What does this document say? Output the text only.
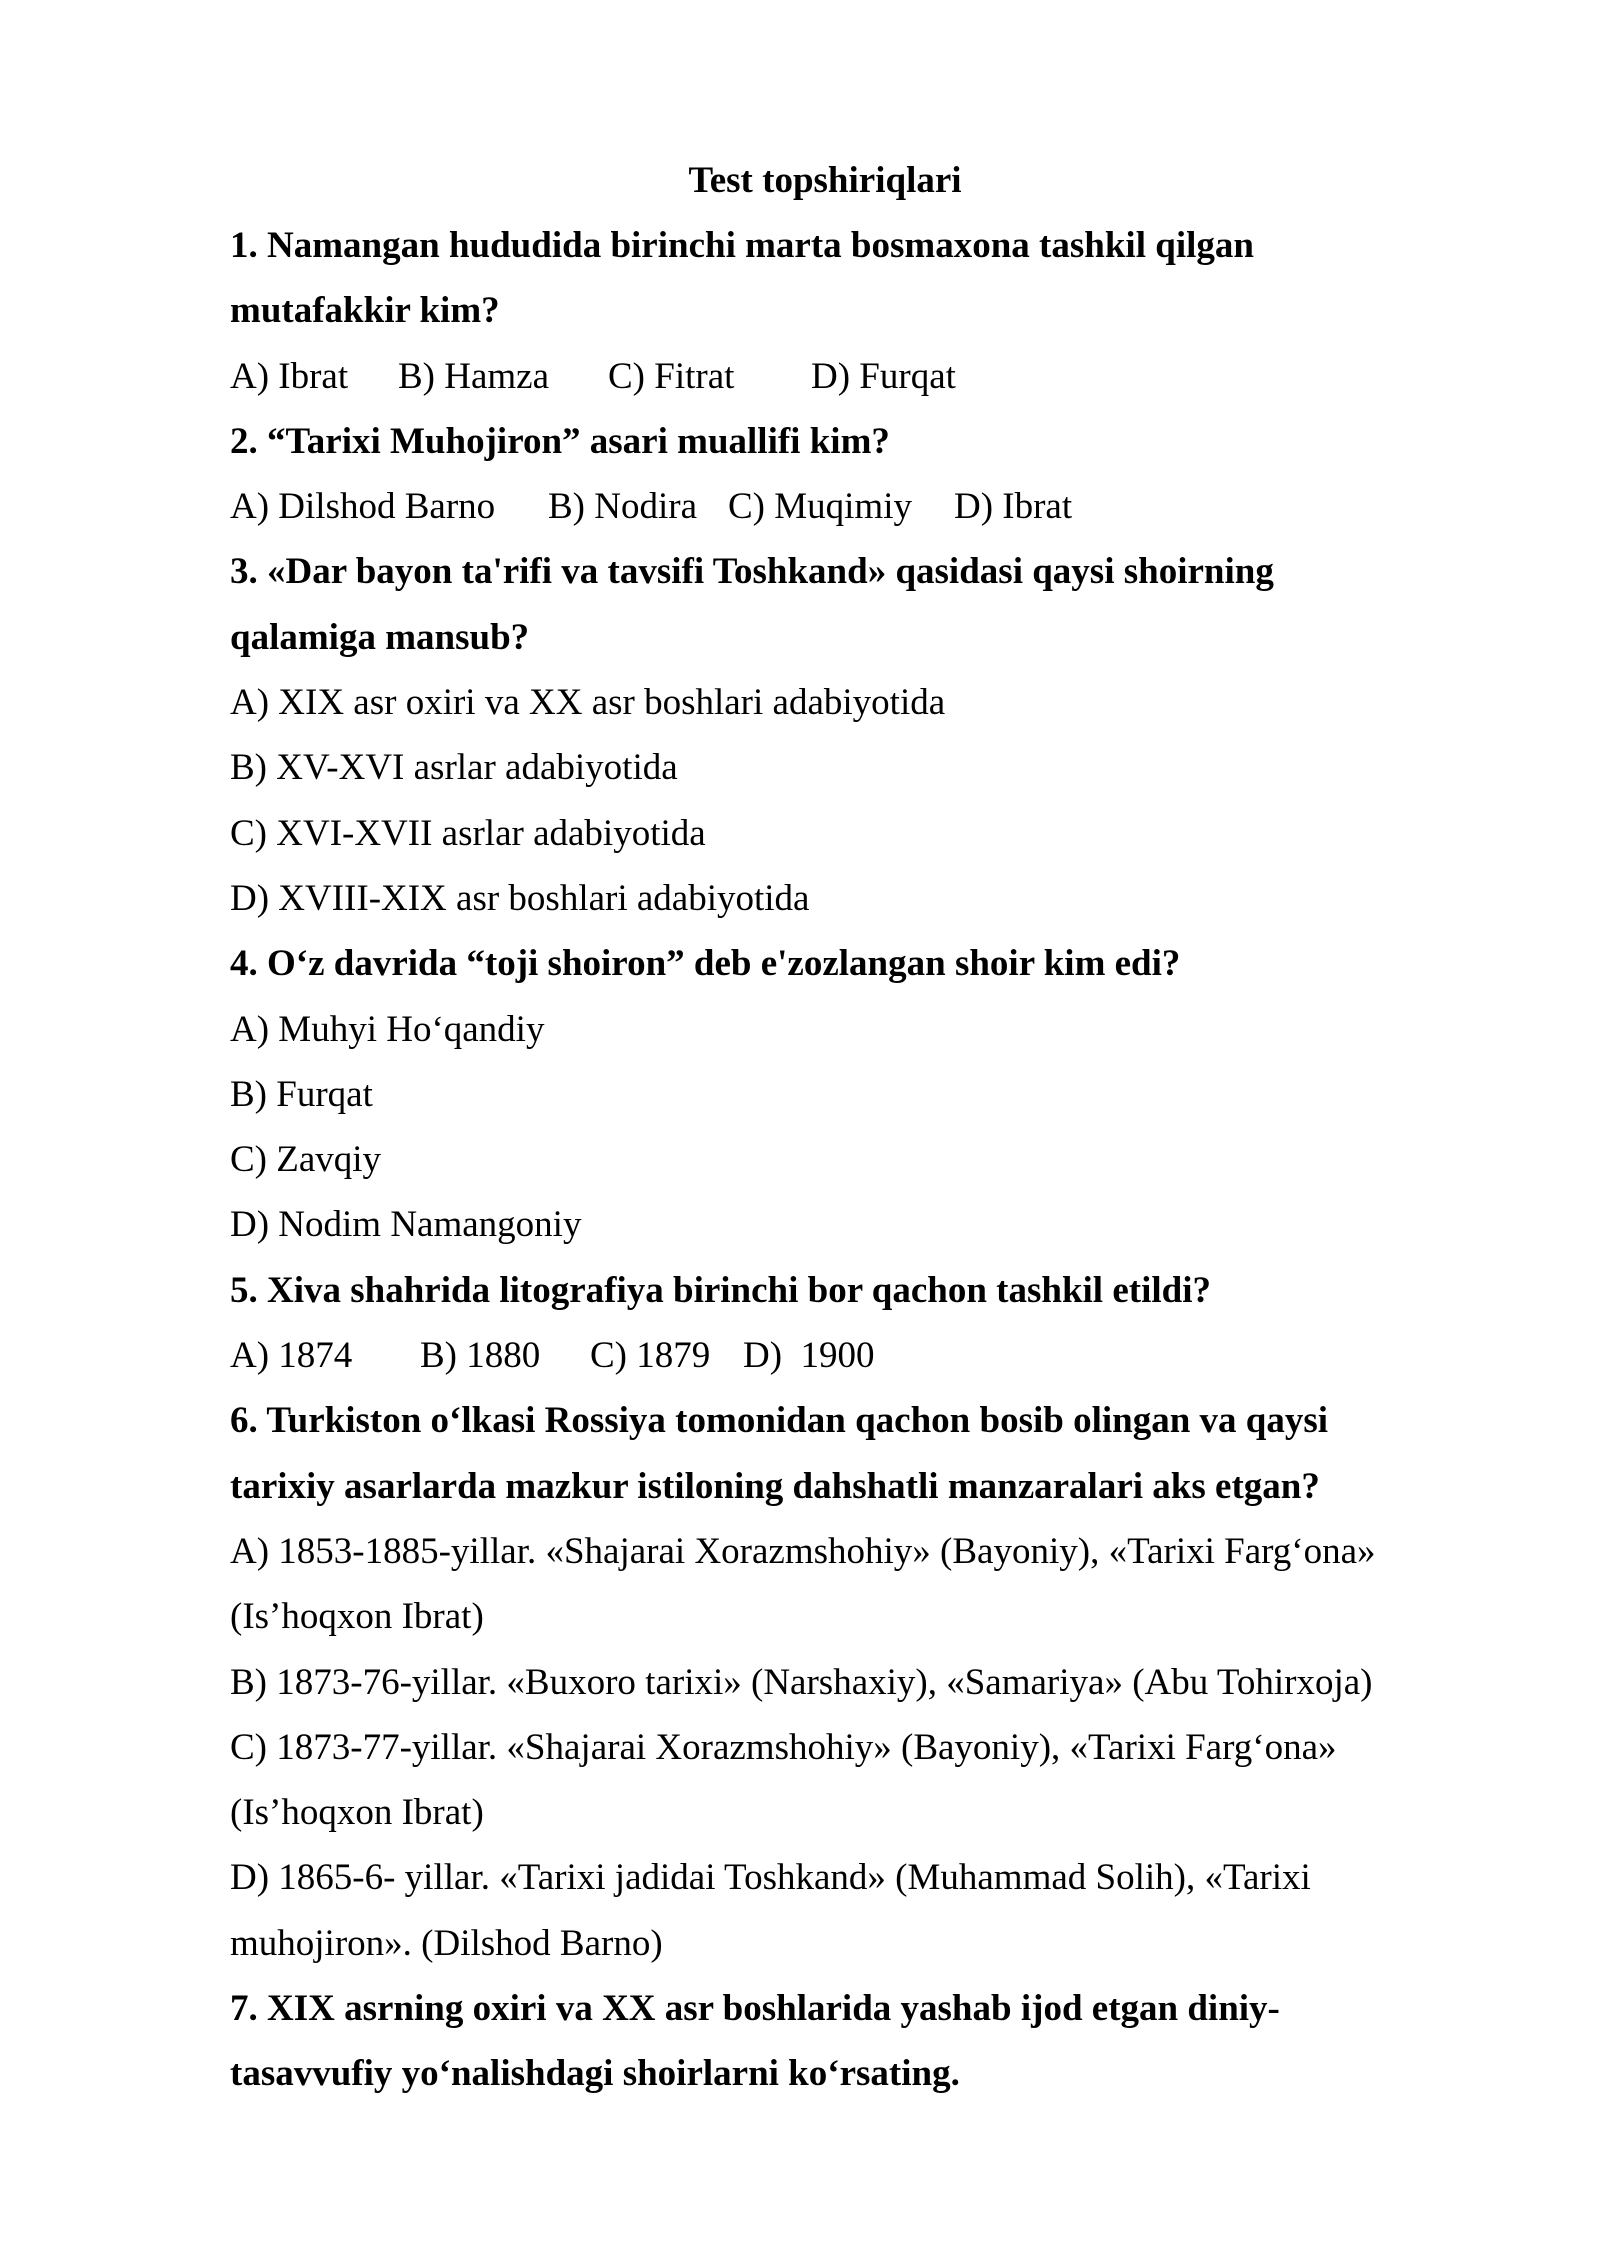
Test topshiriqlari
1. Namangan hududida birinchi marta bosmaxona tashkil qilgan
mutafakkir kim?
A) Ibrat B) Hamza C) Fitrat D) Furqat
2. “Tarixi Muhojiron” asari muallifi kim?
A) Dilshod Barno B) Nodira C) Muqimiy D) Ibrat
3. «Dar bayon ta'rifi va tavsifi Toshkand» qasidasi qaysi shoirning
qalamiga mansub?
A) XIX asr oxiri va XX asr boshlari adabiyotida
B) XV-XVI asrlar adabiyotida
C) XVI-XVII asrlar adabiyotida
D) XVIII-XIX asr boshlari adabiyotida
4. O‘z davrida “toji shoiron” deb e'zozlangan shoir kim edi?
A) Muhyi Ho‘qandiy
B) Furqat
C) Zavqiy
D) Nodim Namangoniy
5. Xiva shahrida litografiya birinchi bor qachon tashkil etildi?
A) 1874 B) 1880 C) 1879 D)  1900
6. Turkiston o‘lkasi Rossiya tomonidan qachon bosib olingan va qaysi
tarixiy asarlarda mazkur istiloning dahshatli manzaralari aks etgan?
A) 1853-1885-yillar. «Shajarai Xorazmshohiy» (Bayoniy), «Tarixi Farg‘ona»
(Is’hoqxon Ibrat)
B) 1873-76-yillar. «Buxoro tarixi» (Narshaxiy), «Samariya» (Abu Tohirxoja)
C) 1873-77-yillar. «Shajarai Xorazmshohiy» (Bayoniy), «Tarixi Farg‘ona»
(Is’hoqxon Ibrat)
D) 1865-6- yillar. «Tarixi jadidai Toshkand» (Muhammad Solih), «Tarixi
muhojiron». (Dilshod Barno)
7. XIX asrning oxiri va XX asr boshlarida yashab ijod etgan diniy-
tasavvufiy yo‘nalishdagi shoirlarni ko‘rsating.
